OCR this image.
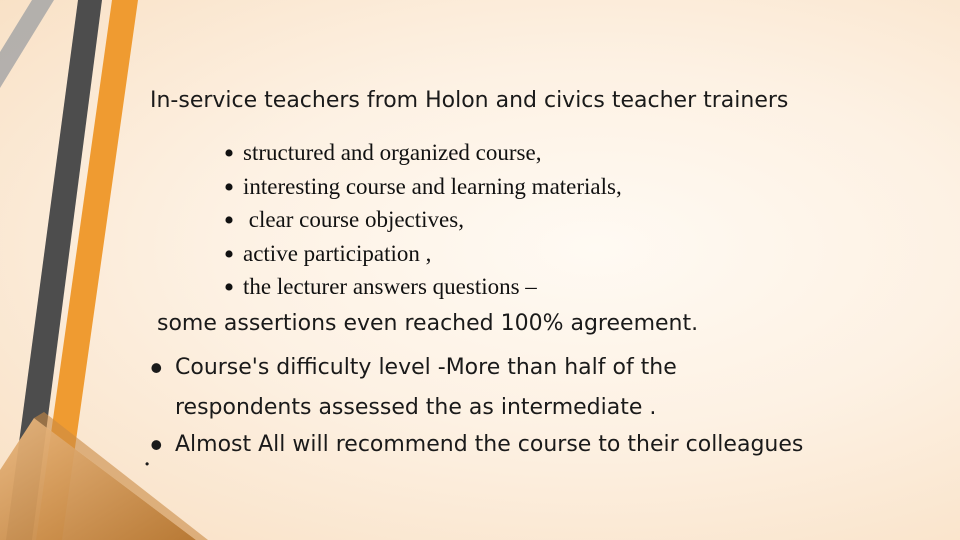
In-service teachers from Holon and civics teacher trainers
• structured and organized course,
• interesting course and learning materials,
• clear course objectives,
• active participation ,
• the lecturer answers questions –
some assertions even reached 100% agreement.
• Course's difficulty level -More than half of the
respondents assessed the as intermediate .
• Almost All will recommend the course to their colleagues
•
